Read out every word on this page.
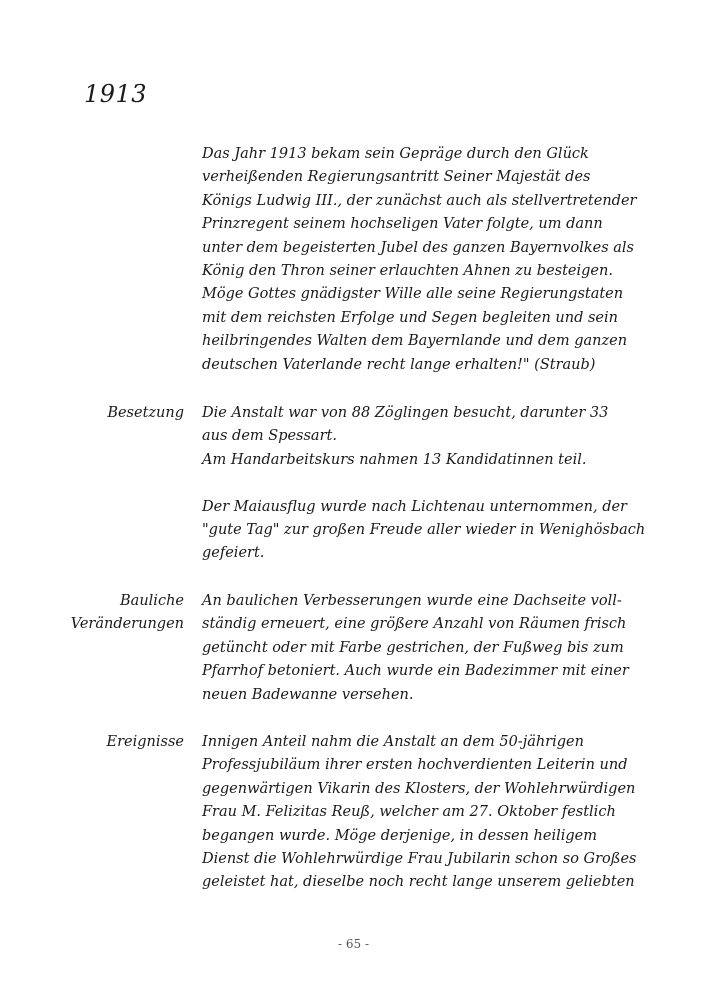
1913
Das Jahr 1913 bekam sein Gepräge durch den Glück
verheißenden Regierungsantritt Seiner Majestät des
Königs Ludwig III., der zunächst auch als stellvertretender
Prinzregent seinem hochseligen Vater folgte, um dann
unter dem begeisterten Jubel des ganzen Bayernvolkes als
König den Thron seiner erlauchten Ahnen zu besteigen.
Möge Gottes gnädigster Wille alle seine Regierungstaten
mit dem reichsten Erfolge und Segen begleiten und sein
heilbringendes Walten dem Bayernlande und dem ganzen
deutschen Vaterlande recht lange erhalten!" (Straub)
Besetzung Die Anstalt war von 88 Zöglingen besucht, darunter 33
aus dem Spessart.
Am Handarbeitskurs nahmen 13 Kandidatinnen teil.
Der Maiausflug wurde nach Lichtenau unternommen, der
"gute Tag" zur großen Freude aller wieder in Wenighösbach
gefeiert.
Bauliche
Veränderungen
An baulichen Verbesserungen wurde eine Dachseite voll-
ständig erneuert, eine größere Anzahl von Räumen frisch
getüncht oder mit Farbe gestrichen, der Fußweg bis zum
Pfarrhof betoniert. Auch wurde ein Badezimmer mit einer
neuen Badewanne versehen.
Ereignisse Innigen Anteil nahm die Anstalt an dem 50-jährigen
Professjubiläum ihrer ersten hochverdienten Leiterin und
gegenwärtigen Vikarin des Klosters, der Wohlehrwürdigen
Frau M. Felizitas Reuß, welcher am 27. Oktober festlich
begangen wurde. Möge derjenige, in dessen heiligem
Dienst die Wohlehrwürdige Frau Jubilarin schon so Großes
geleistet hat, dieselbe noch recht lange unserem geliebten
- 65 -
